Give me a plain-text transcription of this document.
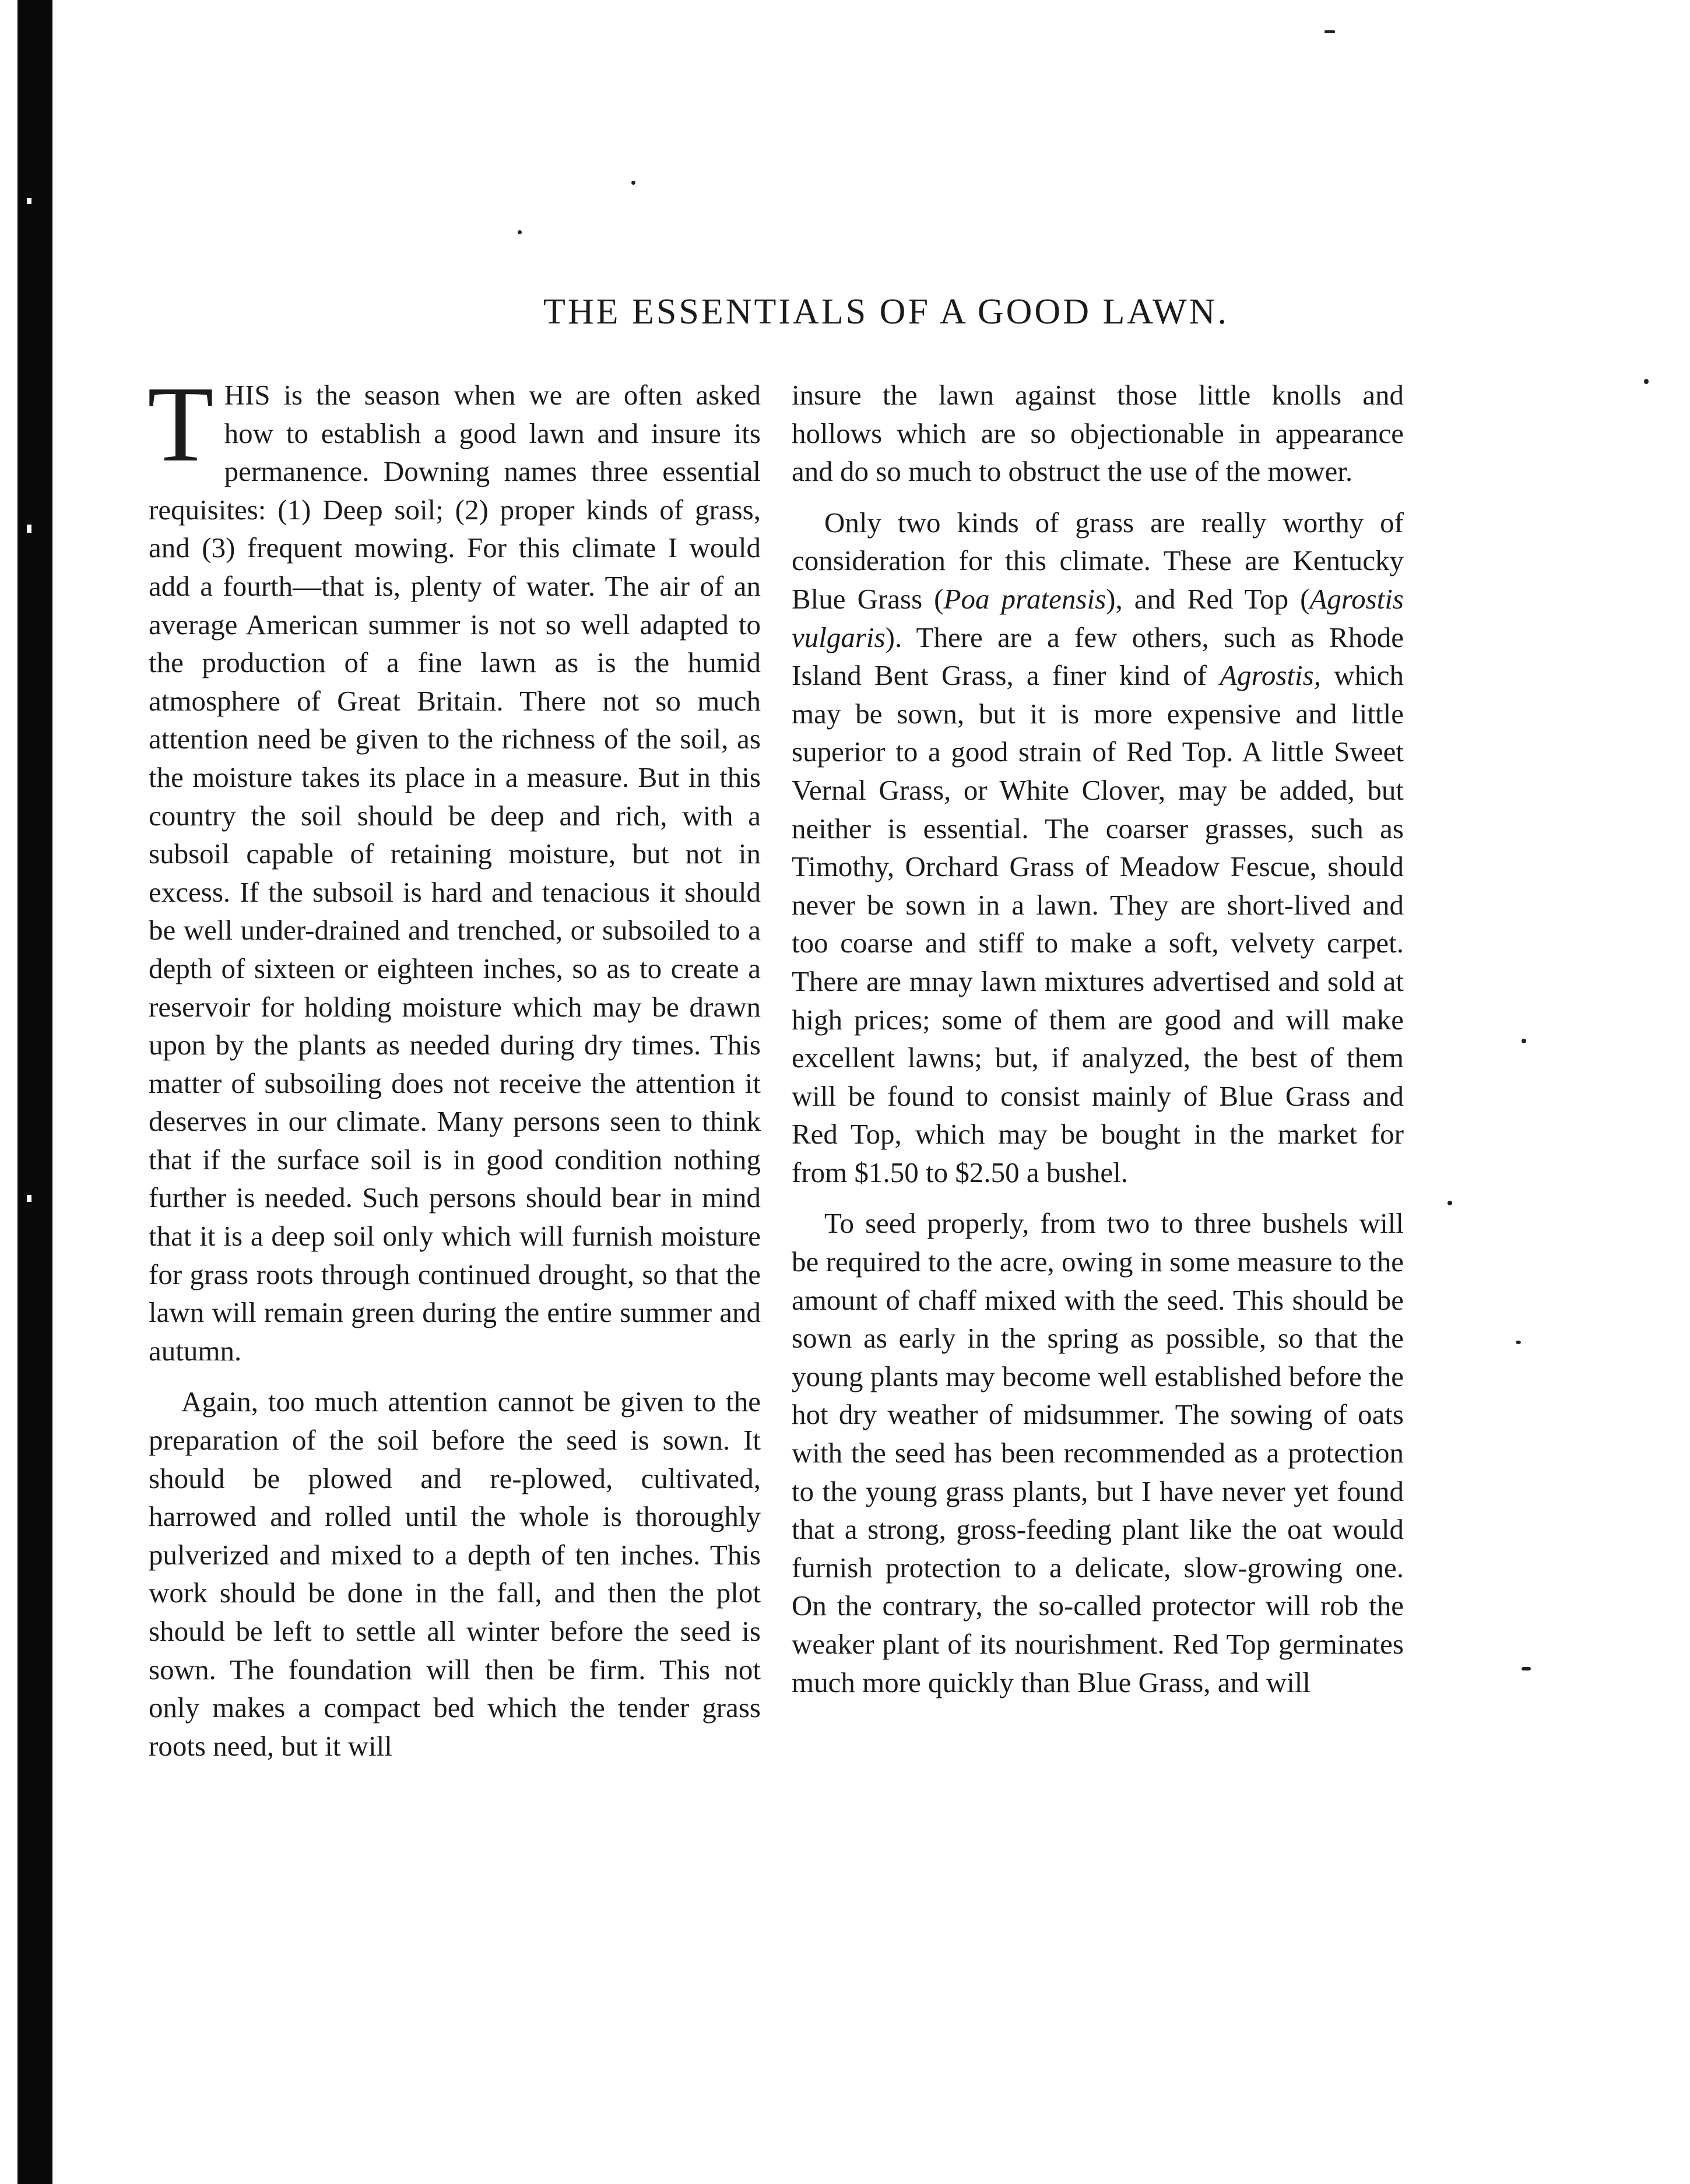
THE ESSENTIALS OF A GOOD LAWN.

THIS is the season when we are often asked how to establish a good lawn and insure its permanence. Downing names three essential requisites: (1) Deep soil; (2) proper kinds of grass, and (3) frequent mowing. For this climate I would add a fourth—that is, plenty of water. The air of an average American summer is not so well adapted to the production of a fine lawn as is the humid atmosphere of Great Britain. There not so much attention need be given to the richness of the soil, as the moisture takes its place in a measure. But in this country the soil should be deep and rich, with a subsoil capable of retaining moisture, but not in excess. If the subsoil is hard and tenacious it should be well under-drained and trenched, or subsoiled to a depth of sixteen or eighteen inches, so as to create a reservoir for holding moisture which may be drawn upon by the plants as needed during dry times. This matter of subsoiling does not receive the attention it deserves in our climate. Many persons seen to think that if the surface soil is in good condition nothing further is needed. Such persons should bear in mind that it is a deep soil only which will furnish moisture for grass roots through continued drought, so that the lawn will remain green during the entire summer and autumn.

Again, too much attention cannot be given to the preparation of the soil before the seed is sown. It should be plowed and re-plowed, cultivated, harrowed and rolled until the whole is thoroughly pulverized and mixed to a depth of ten inches. This work should be done in the fall, and then the plot should be left to settle all winter before the seed is sown. The foundation will then be firm. This not only makes a compact bed which the tender grass roots need, but it will

insure the lawn against those little knolls and hollows which are so objectionable in appearance and do so much to obstruct the use of the mower.

Only two kinds of grass are really worthy of consideration for this climate. These are Kentucky Blue Grass (Poa pratensis), and Red Top (Agrostis vulgaris). There are a few others, such as Rhode Island Bent Grass, a finer kind of Agrostis, which may be sown, but it is more expensive and little superior to a good strain of Red Top. A little Sweet Vernal Grass, or White Clover, may be added, but neither is essential. The coarser grasses, such as Timothy, Orchard Grass of Meadow Fescue, should never be sown in a lawn. They are short-lived and too coarse and stiff to make a soft, velvety carpet. There are mnay lawn mixtures advertised and sold at high prices; some of them are good and will make excellent lawns; but, if analyzed, the best of them will be found to consist mainly of Blue Grass and Red Top, which may be bought in the market for from $1.50 to $2.50 a bushel.

To seed properly, from two to three bushels will be required to the acre, owing in some measure to the amount of chaff mixed with the seed. This should be sown as early in the spring as possible, so that the young plants may become well established before the hot dry weather of midsummer. The sowing of oats with the seed has been recommended as a protection to the young grass plants, but I have never yet found that a strong, gross-feeding plant like the oat would furnish protection to a delicate, slow-growing one. On the contrary, the so-called protector will rob the weaker plant of its nourishment. Red Top germinates much more quickly than Blue Grass, and will
